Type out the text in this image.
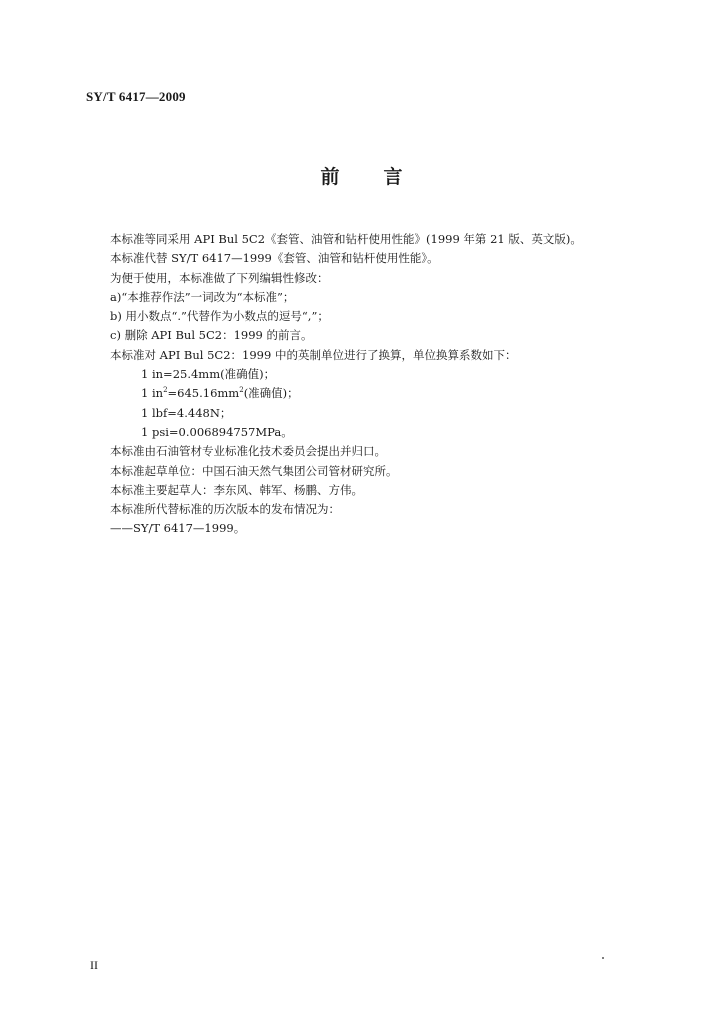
SY/T 6417—2009
前 言
本标准等同采用 API Bul 5C2《套管、油管和钻杆使用性能》(1999 年第 21 版、英文版)。
本标准代替 SY/T 6417—1999《套管、油管和钻杆使用性能》。
为便于使用，本标准做了下列编辑性修改：
a)“本推荐作法”一词改为“本标准”；
b) 用小数点“.”代替作为小数点的逗号“,”；
c) 删除 API Bul 5C2：1999 的前言。
本标准对 API Bul 5C2：1999 中的英制单位进行了换算，单位换算系数如下：
1 in=25.4mm(准确值)；
1 $in^2=645.16mm^2$(准确值)；
1 lbf=4.448N；
1 psi=0.006894757MPa。
本标准由石油管材专业标准化技术委员会提出并归口。
本标准起草单位：中国石油天然气集团公司管材研究所。
本标准主要起草人：李东风、韩军、杨鹏、方伟。
本标准所代替标准的历次版本的发布情况为：
——SY/T 6417—1999。
II
